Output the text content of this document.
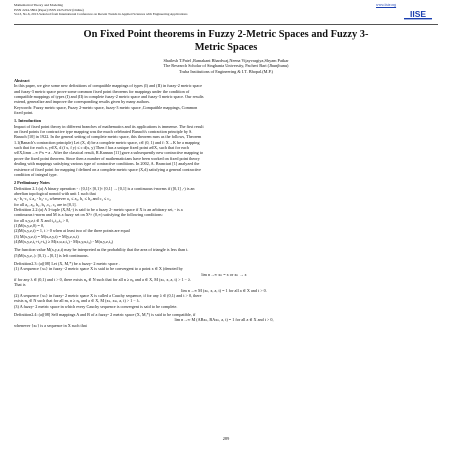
Mathematical Theory and Modeling
ISSN 2224-5804 (Paper) ISSN 2225-0522 (Online)
Vol.3, No.6, 2013-Selected from International Conference on Recent Trends in Applied Sciences with Engineering Applications
www.iiste.org
IISE
On Fixed Point theorems in Fuzzy 2-Metric Spaces and Fuzzy 3-
Metric Spaces
Shailesh T.Patel ,Ramakant Bhardwaj,Neena Vijayvargiya,Shyam Patkar
The Research Scholar of Singhania University, Pacheri Bari (Jhunjhunu)
Truba Institutions of Engineering & I.T. Bhopal.(M.P.)

Abstract

In this paper, we give some new definitions of compatible mappings of types (I) and (II) in fuzzy-2 metric space

and fuzzy-3 metric space prove some common fixed point theorems for mappings under the condition of

compatible mappings of types (I) and (II) in complete fuzzy-2 metric space and fuzzy-3 metric space. Our results

extend, generalize and improve the corresponding results given by many authors.

Keywords: Fuzzy metric space, Fuzzy 2-metric space, fuzzy-3 metric space ,Compatible mappings, Common

fixed point.

1. Introduction

Impact of fixed point theory in different branches of mathematics and its applications is immense. The first result

on fixed points for contractive type mapping was the much celebrated Banach's contraction principle by S.

Banach [10] in 1922. In the general setting of complete metric space, this theorem runs as the follows, Theorem

1.1(Banach's contraction principle) Let (X, d) be a complete metric space, c∈ (0, 1) and f: X→K be a mapping

such that for each x, y∈X, d (f x, f y) ≤ c d(x, y) Then f has a unique fixed point a∈X, such that for each

x∈X,limn→∞ fⁿx = a . After the classical result, R.Kannan [11] gave a subsequently new contractive mapping to

prove the fixed point theorem. Since then a number of mathematicians have been worked on fixed point theory

dealing with mappings satisfying various type of contractive conditions. In 2002, A. Branciari [1] analyzed the

existence of fixed point for mapping f defined on a complete metric space (X,d) satisfying a general contractive

condition of integral type.

2 Preliminary Notes

Definition 2.1:(a) A binary operation - : [0,1]× [0,1]× [0,1] → [0,1] is a continuous t-norms if ([0,1] ,-) is an

abeelian topological nonoid with unit 1 such that

a₁- b₁-c₁ ≤ a₂ - b₂- c₂ whenever a₁ ≤ a₂, b₁ ≤ b₂ and c₁ ≤ c₂

for all a₁, a₂, b₁, b₂ ,c₁, c₂ are in [0,1].

Definition 2.2:(a) A 3-tuple (X,M,-) is said to be a fuzzy 2- metric space if X is an arbitrary set, - is a

continuous t-norm and M is a fuzzy set on X³× (0,∞) satisfying the following conditions:

for all x,y,z,t ∈ X and t₁,t₂,t₃ > 0,

(1)M(x,y,z,0) = 0,

(2)M(x,y,z,t) = 1, t > 0 when at least two of the three points are equal

(3) M(x,y,z,t) = M(x,z,y,t) = M(y,z,x,t)

(4)M(x,y,z,t₁+t₂+t₃) ≥ M(x,u,z,t₁) - M(x,y,u,t₂) - M(u,y,z,t₃)

The function value M(x,y,z,t) may be interpreted as the probability that the area of triangle is less than t.

(5)M(x,y,z,.): [0,1)→[0,1] is left continuous.

Definition2.3: (a)[08] Let (X, M,*) be a fuzzy- 2 metric space .

(1) A sequence {xₙ} in fuzzy -2 metric space X is said to be convergent to a point x ∈ X (denoted by

lim n→∞ xₙ = x or xₙ → x

if for any λ ∈ (0,1) and t > 0, there exists n₀ ∈ N such that for all n ≥ n₀ and a ∈ X, M (xₙ, x, a, t) > 1 − λ.

That is

lim n→∞ M (xₙ, x, a, t) = 1 for all a ∈ X and t > 0.

(2) A sequence {xₙ} in fuzzy- 2 metric space X is called a Cauchy sequence, if for any λ ∈ (0,1) and t > 0, there

exists n₀ ∈ N such that for all m, n ≥ n₀ and a ∈ X, M (xₙ, xₘ, a, t) > 1 − λ.

(3) A fuzzy- 2 metric space in which every Cauchy sequence is convergent is said to be complete.

Definition2.4: (a)[08] Self mappings A and B of a fuzzy- 2 metric space (X, M,*) is said to be compatible, if

lim n→∞ M (ABxₙ, BAxₙ, a, t) = 1 for all a ∈ X and t > 0,

whenever {xₙ} is a sequence in X such that

289
